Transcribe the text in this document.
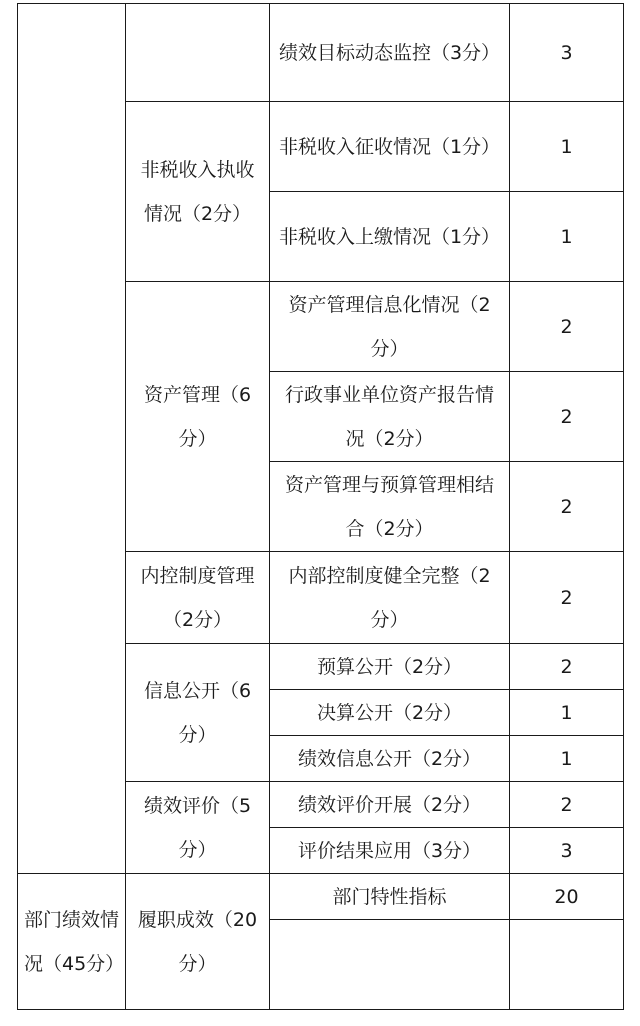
		绩效目标动态监控（3分）	3

	非税收入执收情况（2分）	非税收入征收情况（1分）	1

		非税收入上缴情况（1分）	1

	资产管理（6分）	资产管理信息化情况（2分）	2

		行政事业单位资产报告情况（2分）	2

		资产管理与预算管理相结合（2分）	2

	内控制度管理（2分）	内部控制度健全完整（2分）	2

	信息公开（6分）	预算公开（2分）	2

		决算公开（2分）	1

		绩效信息公开（2分）	1

	绩效评价（5分）	绩效评价开展（2分）	2

		评价结果应用（3分）	3

部门绩效情况（45分）	履职成效（20分）	部门特性指标	20
